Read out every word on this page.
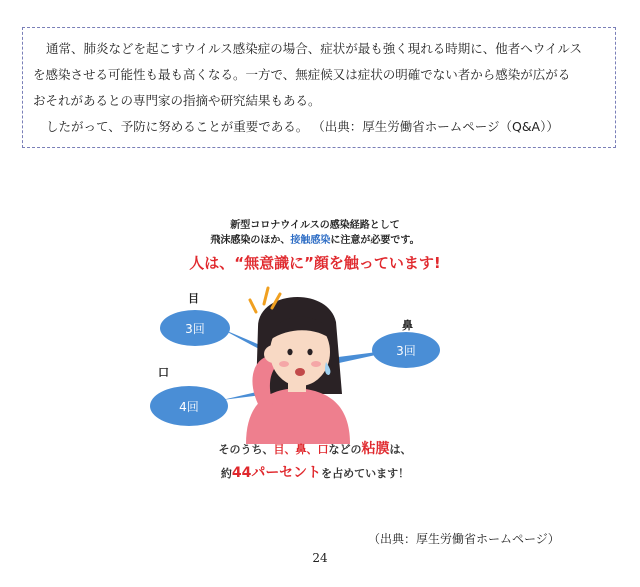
通常、肺炎などを起こすウイルス感染症の場合、症状が最も強く現れる時期に、他者へウイルス

を感染させる可能性も最も高くなる。一方で、無症候又は症状の明確でない者から感染が広がる

おそれがあるとの専門家の指摘や研究結果もある。

したがって、予防に努めることが重要である。 （出典：厚生労働省ホームページ（Q&A））

新型コロナウイルスの感染経路として
飛沫感染のほか、接触感染に注意が必要です。
人は、“無意識に”顔を触っています!
目
鼻
口
3回
3回
4回
そのうち、目、鼻、口などの粘膜は、
約44パーセントを占めています！
（出典：厚生労働省ホームページ）
24
